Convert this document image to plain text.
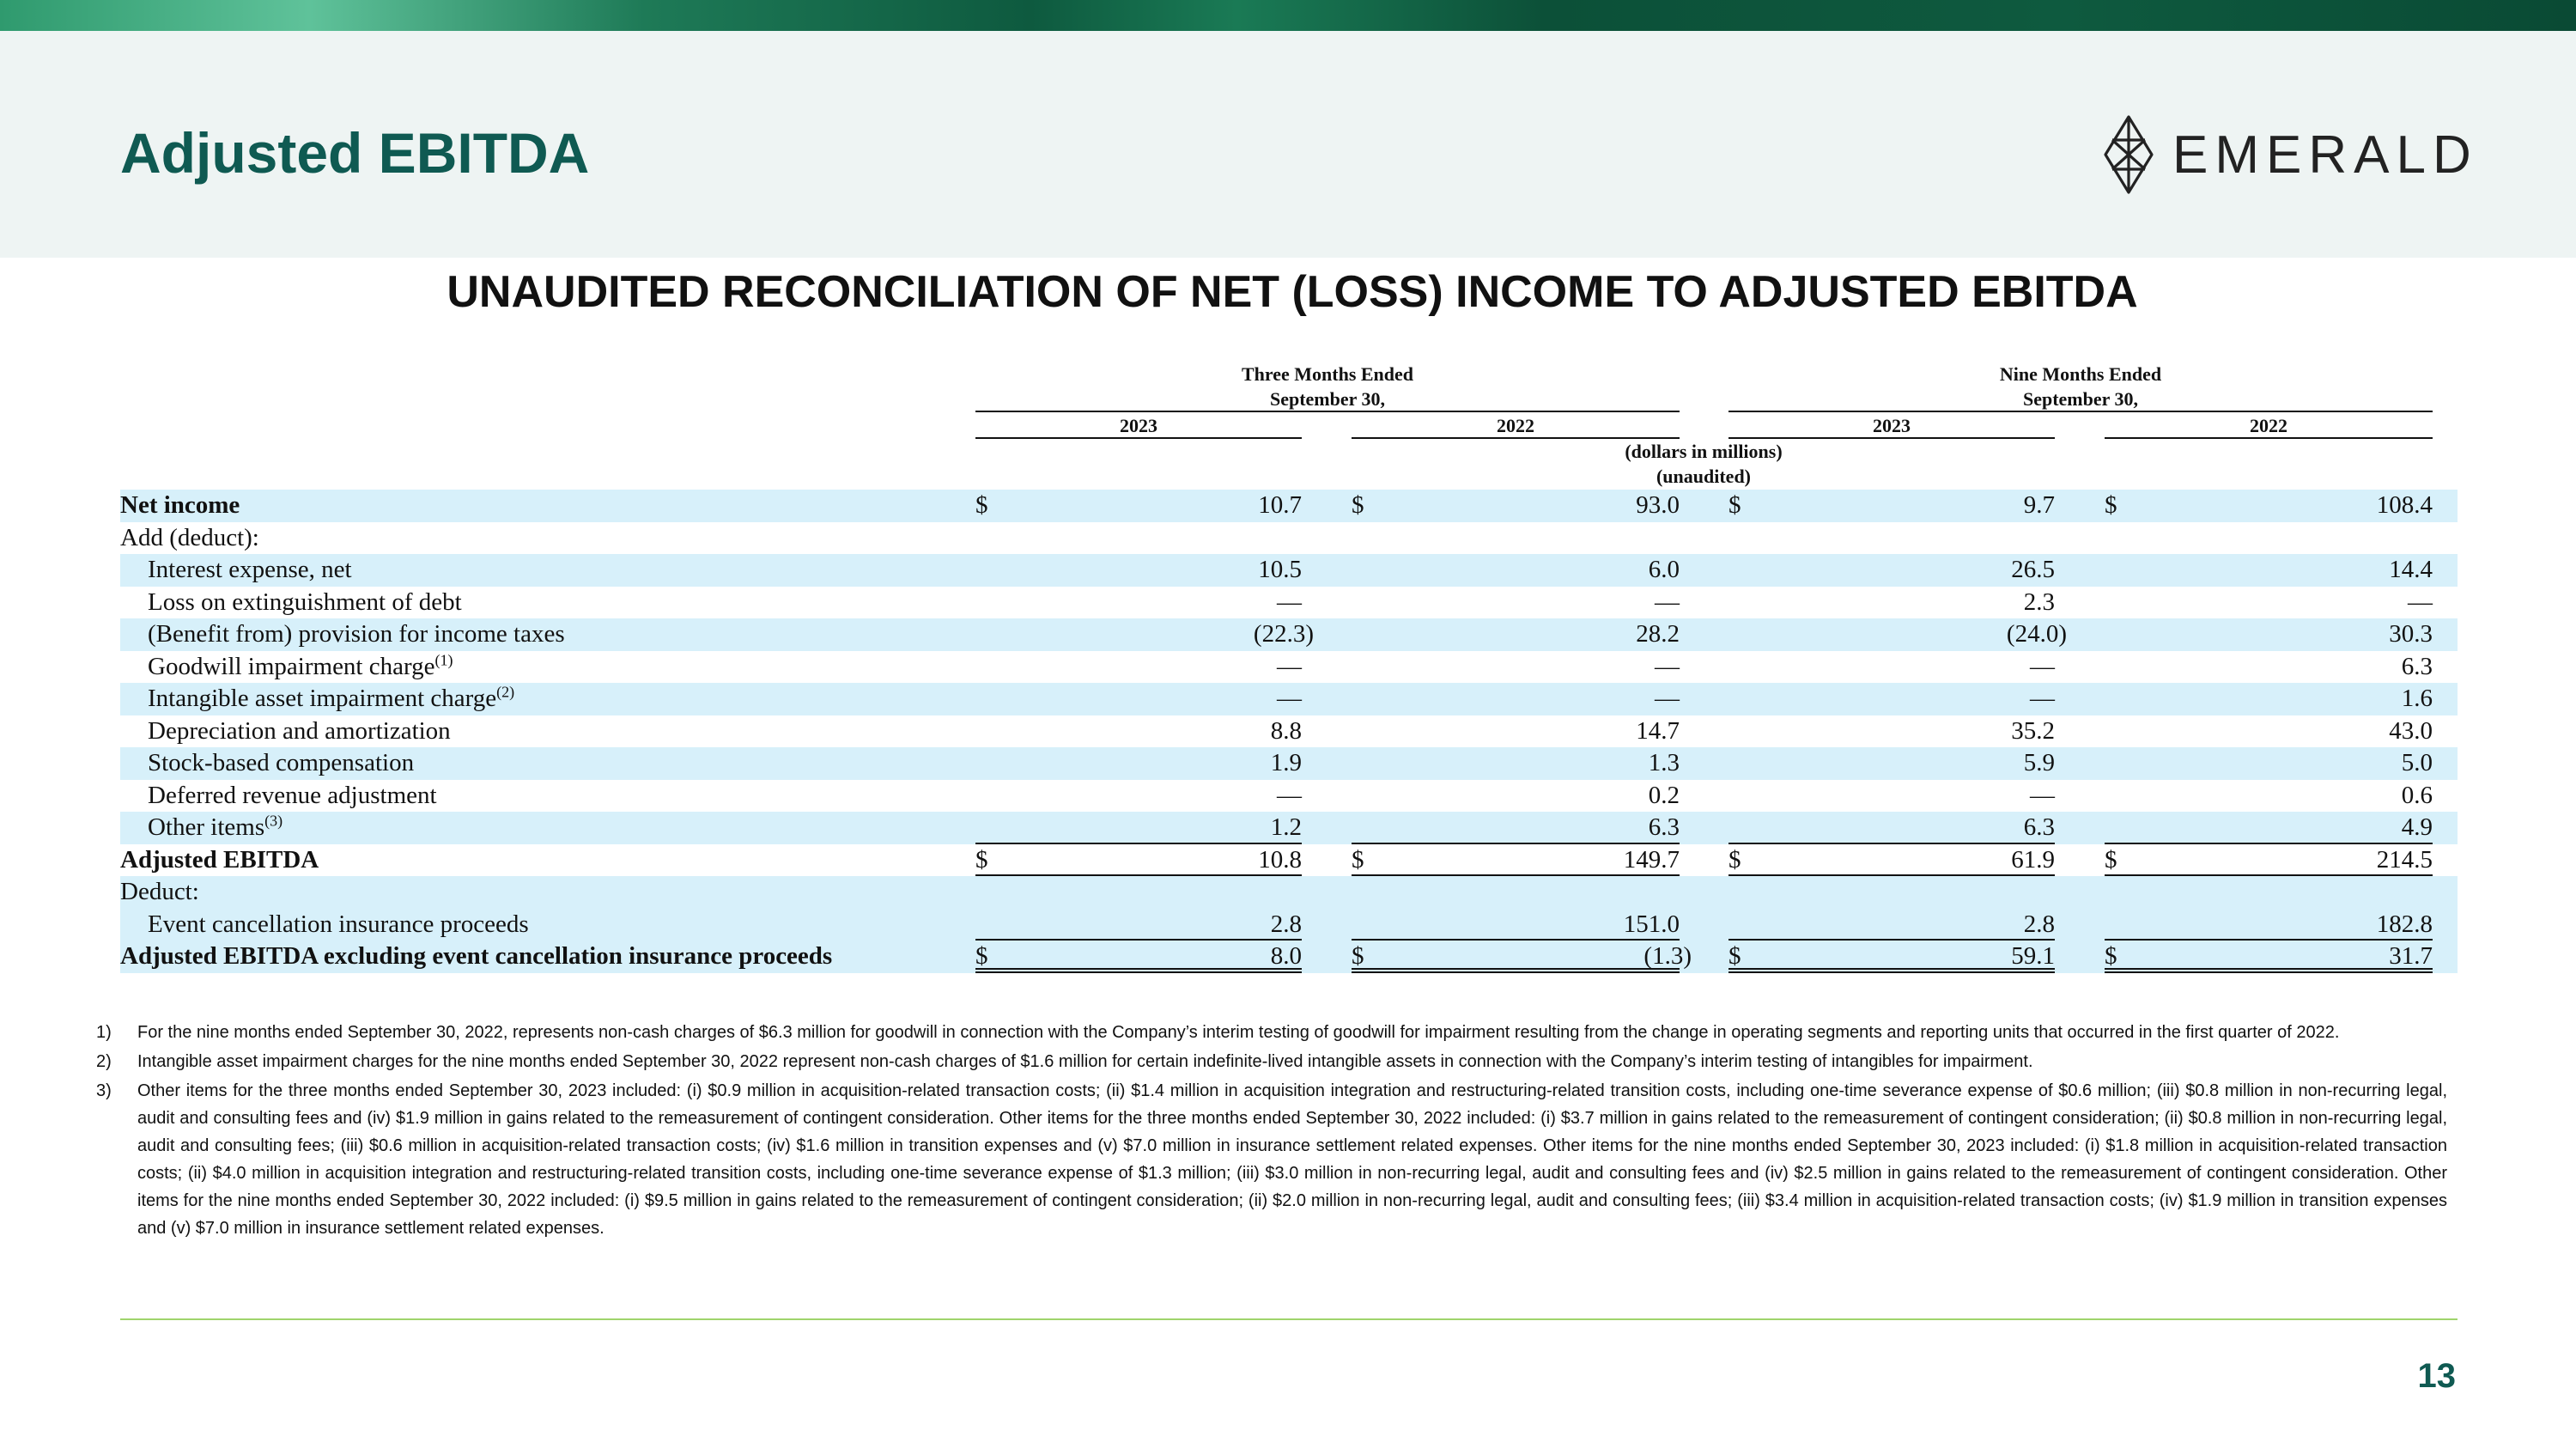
Adjusted EBITDA	EMERALD
UNAUDITED RECONCILIATION OF NET (LOSS) INCOME TO ADJUSTED EBITDA
Three Months Ended
September 30,
Nine Months Ended
September 30,
2023	2022	2023	2022
(dollars in millions)
(unaudited)
Net income	$	10.7 $	93.0 $	9.7 $	108.4
Add (deduct):
Interest expense, net	10.5	6.0	26.5	14.4
Loss on extinguishment of debt	—	—	2.3	—
(Benefit from) provision for income taxes	(22.3)	28.2	(24.0)	30.3
Goodwill impairment charge$^{(1)}$	—	—	—	6.3
Intangible asset impairment charge$^{(2)}$	—	—	—	1.6
Depreciation and amortization	8.8	14.7	35.2	43.0
Stock-based compensation	1.9	1.3	5.9	5.0
Deferred revenue adjustment	—	0.2	—	0.6
Other items$^{(3)}$	1.2	6.3	6.3	4.9
Adjusted EBITDA	$	10.8 $	149.7 $	61.9 $	214.5
Deduct:
Event cancellation insurance proceeds	2.8	151.0	2.8	182.8
Adjusted EBITDA excluding event cancellation insurance proceeds	$	8.0 $	(1.3) $	59.1 $	31.7
1) For the nine months ended September 30, 2022, represents non-cash charges of $6.3 million for goodwill in connection with the Company’s interim testing of goodwill for impairment resulting from the change in operating segments and reporting units that occurred in the first quarter of 2022.
2) Intangible asset impairment charges for the nine months ended September 30, 2022 represent non-cash charges of $1.6 million for certain indefinite-lived intangible assets in connection with the Company’s interim testing of intangibles for impairment.
3) Other items for the three months ended September 30, 2023 included: (i) $0.9 million in acquisition-related transaction costs; (ii) $1.4 million in acquisition integration and restructuring-related transition costs, including one-time severance expense of $0.6 million; (iii) $0.8 million in non-recurring legal, audit and consulting fees and (iv) $1.9 million in gains related to the remeasurement of contingent consideration. Other items for the three months ended September 30, 2022 included: (i) $3.7 million in gains related to the remeasurement of contingent consideration; (ii) $0.8 million in non-recurring legal, audit and consulting fees; (iii) $0.6 million in acquisition-related transaction costs; (iv) $1.6 million in transition expenses and (v) $7.0 million in insurance settlement related expenses. Other items for the nine months ended September 30, 2023 included: (i) $1.8 million in acquisition-related transaction costs; (ii) $4.0 million in acquisition integration and restructuring-related transition costs, including one-time severance expense of $1.3 million; (iii) $3.0 million in non-recurring legal, audit and consulting fees and (iv) $2.5 million in gains related to the remeasurement of contingent consideration. Other items for the nine months ended September 30, 2022 included: (i) $9.5 million in gains related to the remeasurement of contingent consideration; (ii) $2.0 million in non-recurring legal, audit and consulting fees; (iii) $3.4 million in acquisition-related transaction costs; (iv) $1.9 million in transition expenses and (v) $7.0 million in insurance settlement related expenses.
13
